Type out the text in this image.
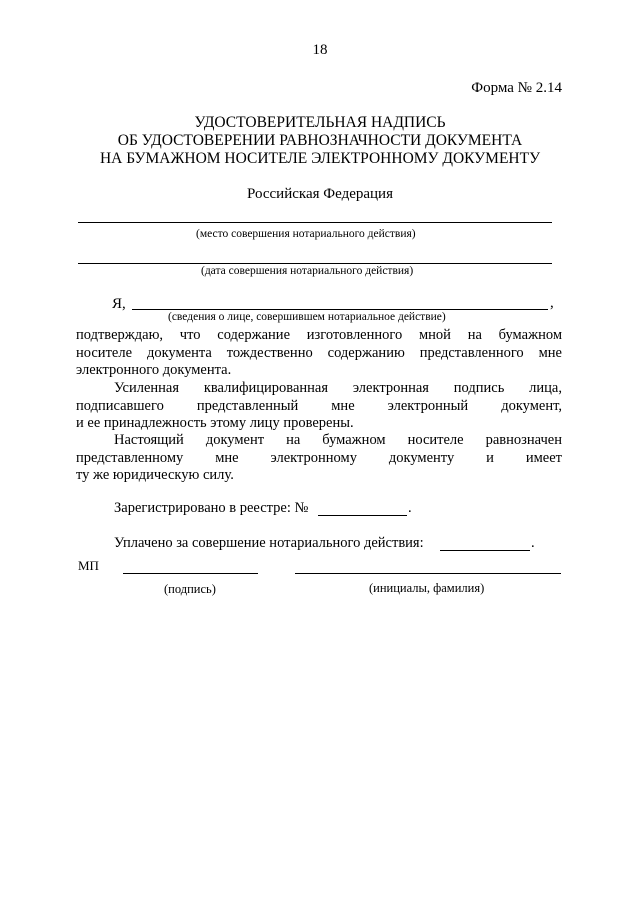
18
Форма № 2.14
УДОСТОВЕРИТЕЛЬНАЯ НАДПИСЬ
ОБ УДОСТОВЕРЕНИИ РАВНОЗНАЧНОСТИ ДОКУМЕНТА
НА БУМАЖНОМ НОСИТЕЛЕ ЭЛЕКТРОННОМУ ДОКУМЕНТУ
Российская Федерация
(место совершения нотариального действия)
(дата совершения нотариального действия)
Я,	,
(сведения о лице, совершившем нотариальное действие)
подтверждаю, что содержание изготовленного мной на бумажном
носителе документа тождественно содержанию представленного мне
электронного документа.
Усиленная квалифицированная электронная подпись лица,
подписавшего представленный мне электронный документ,
и ее принадлежность этому лицу проверены.
Настоящий документ на бумажном носителе равнозначен
представленному мне электронному документу и имеет
ту же юридическую силу.
Зарегистрировано в реестре: №	.
Уплачено за совершение нотариального действия:	.
МП
(подпись)	(инициалы, фамилия)
